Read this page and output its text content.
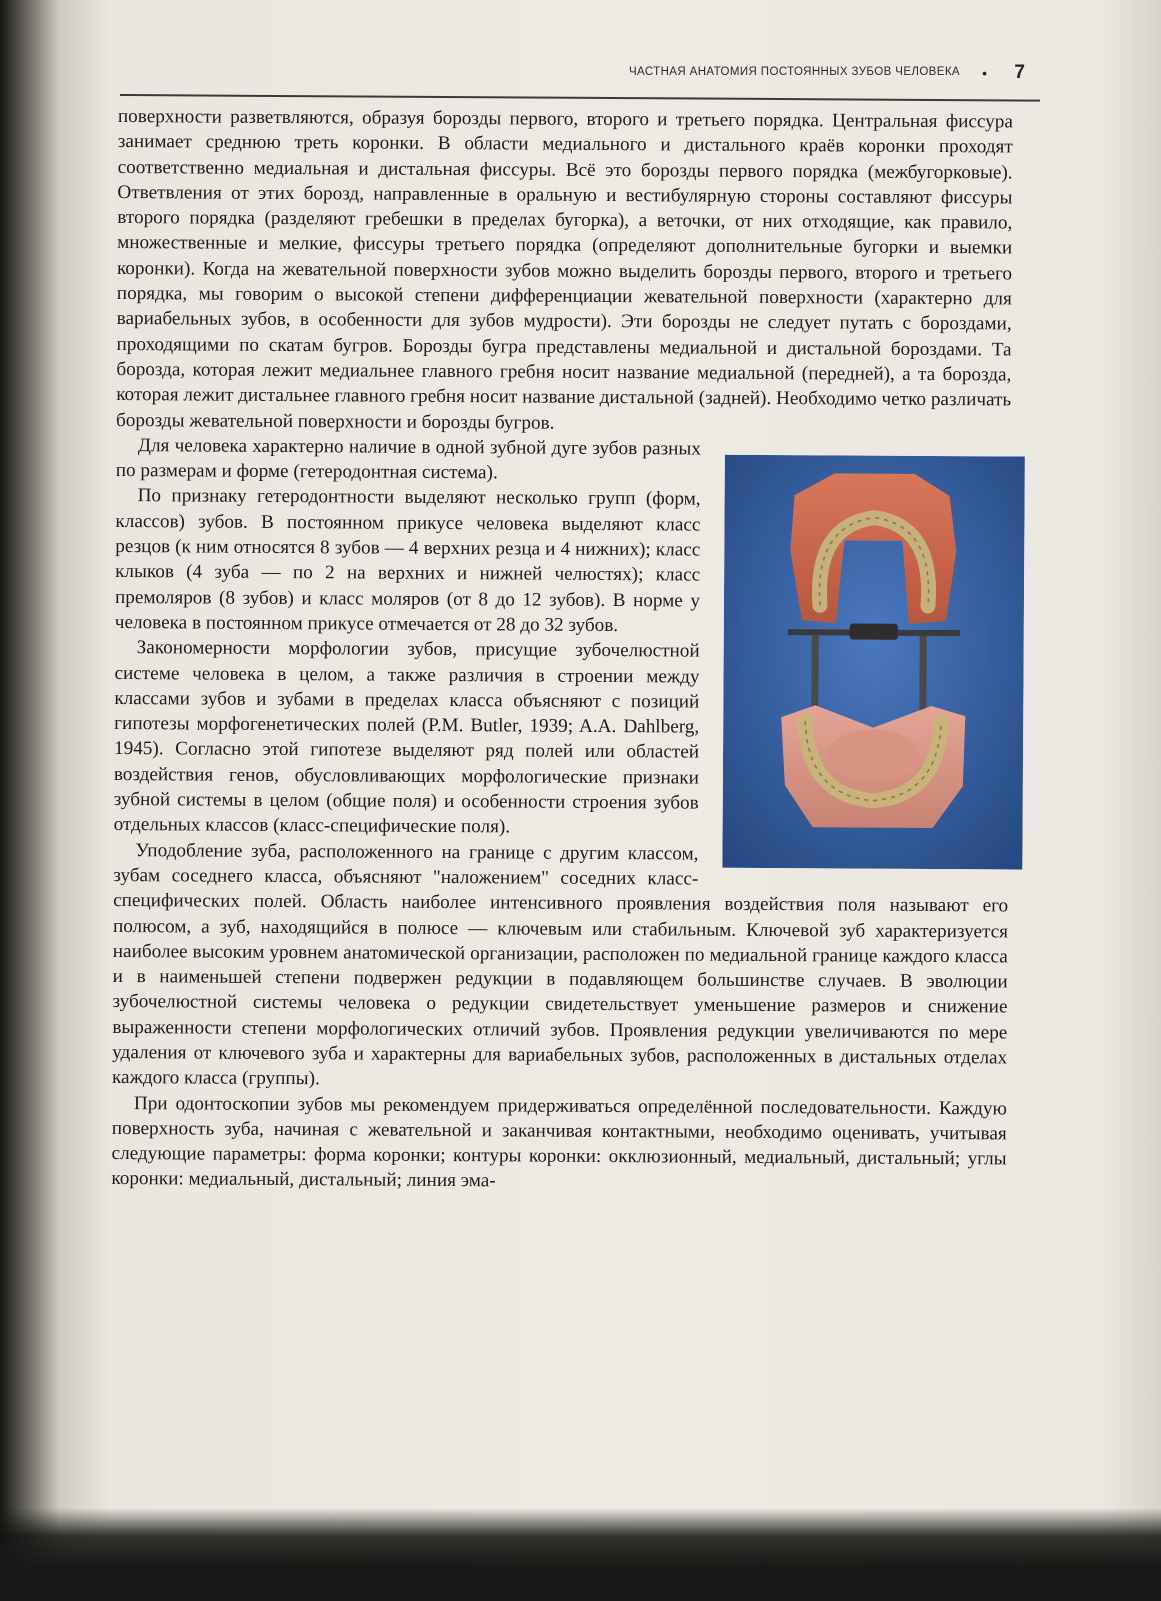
ЧАСТНАЯ АНАТОМИЯ ПОСТОЯННЫХ ЗУБОВ ЧЕЛОВЕКА • 7

поверхности разветвляются, образуя борозды первого, второго и третьего порядка. Центральная фиссура занимает среднюю треть коронки. В области медиального и дистального краёв коронки проходят соответственно медиальная и дистальная фиссуры. Всё это борозды первого порядка (межбугорковые). Ответвления от этих борозд, направленные в оральную и вестибулярную стороны составляют фиссуры второго порядка (разделяют гребешки в пределах бугорка), а веточки, от них отходящие, как правило, множественные и мелкие, фиссуры третьего порядка (определяют дополнительные бугорки и выемки коронки). Когда на жевательной поверхности зубов можно выделить борозды первого, второго и третьего порядка, мы говорим о высокой степени дифференциации жевательной поверхности (характерно для вариабельных зубов, в особенности для зубов мудрости). Эти борозды не следует путать с бороздами, проходящими по скатам бугров. Борозды бугра представлены медиальной и дистальной бороздами. Та борозда, которая лежит медиальнее главного гребня носит название медиальной (передней), а та борозда, которая лежит дистальнее главного гребня носит название дистальной (задней). Необходимо четко различать борозды жевательной поверхности и борозды бугров.

Для человека характерно наличие в одной зубной дуге зубов разных по размерам и форме (гетеродонтная система).

По признаку гетеродонтности выделяют несколько групп (форм, классов) зубов. В постоянном прикусе человека выделяют класс резцов (к ним относятся 8 зубов — 4 верхних резца и 4 нижних); класс клыков (4 зуба — по 2 на верхних и нижней челюстях); класс премоляров (8 зубов) и класс моляров (от 8 до 12 зубов). В норме у человека в постоянном прикусе отмечается от 28 до 32 зубов.

Закономерности морфологии зубов, присущие зубочелюстной системе человека в целом, а также различия в строении между классами зубов и зубами в пределах класса объясняют с позиций гипотезы морфогенетических полей (P.M. Butler, 1939; A.A. Dahlberg, 1945). Согласно этой гипотезе выделяют ряд полей или областей воздействия генов, обусловливающих морфологические признаки зубной системы в целом (общие поля) и особенности строения зубов отдельных классов (класс-специфические поля).

Уподобление зуба, расположенного на границе с другим классом, зубам соседнего класса, объясняют "наложением" соседних класс-специфических полей. Область наиболее интенсивного проявления воздействия поля называют его полюсом, а зуб, находящийся в полюсе — ключевым или стабильным. Ключевой зуб характеризуется наиболее высоким уровнем анатомической организации, расположен по медиальной границе каждого класса и в наименьшей степени подвержен редукции в подавляющем большинстве случаев. В эволюции зубочелюстной системы человека о редукции свидетельствует уменьшение размеров и снижение выраженности степени морфологических отличий зубов. Проявления редукции увеличиваются по мере удаления от ключевого зуба и характерны для вариабельных зубов, расположенных в дистальных отделах каждого класса (группы).

При одонтоскопии зубов мы рекомендуем придерживаться определённой последовательности. Каждую поверхность зуба, начиная с жевательной и заканчивая контактными, необходимо оценивать, учитывая следующие параметры: форма коронки; контуры коронки: окклюзионный, медиальный, дистальный; углы коронки: медиальный, дистальный; линия эма-
